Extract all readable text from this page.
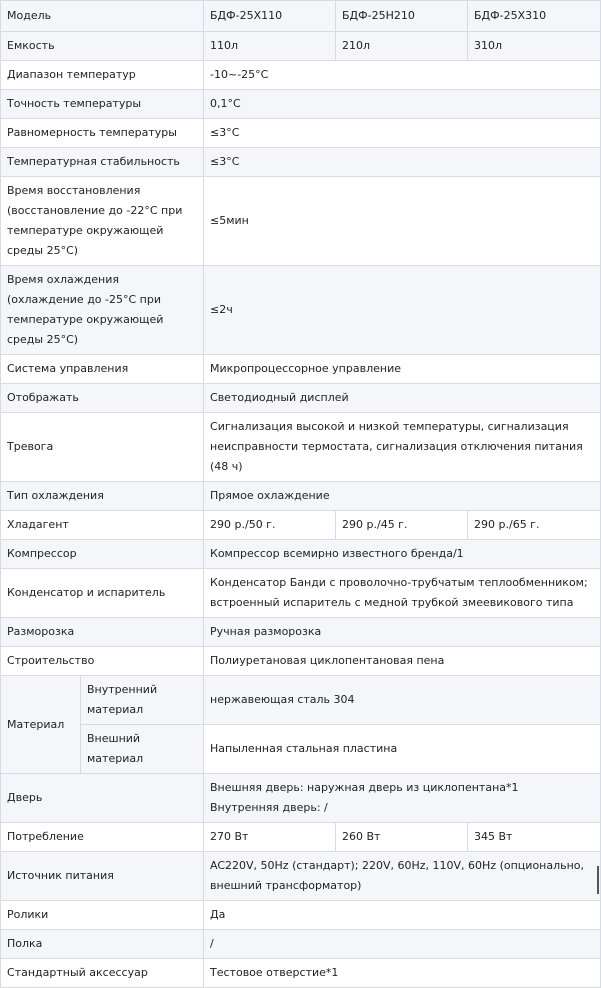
Модель		БДФ-25X110	БДФ-25H210	БДФ-25X310
Емкость		110л	210л	310л
Диапазон температур		-10~-25°C		
Точность температуры		0,1°C		
Равномерность температуры		≤3°C		
Температурная стабильность		≤3°C		
Время восстановления (восстановление до -22°C при температуре окружающей среды 25°C)		≤5мин		
Время охлаждения (охлаждение до -25°C при температуре окружающей среды 25°C)		≤2ч		
Система управления		Микропроцессорное управление		
Отображать		Светодиодный дисплей		
Тревога		Сигнализация высокой и низкой температуры, сигнализация неисправности термостата, сигнализация отключения питания (48 ч)		
Тип охлаждения		Прямое охлаждение		
Хладагент		290 р./50 г.	290 р./45 г.	290 р./65 г.
Компрессор		Компрессор всемирно известного бренда/1		
Конденсатор и испаритель		Конденсатор Банди с проволочно-трубчатым теплообменником; встроенный испаритель с медной трубкой змеевикового типа		
Разморозка		Ручная разморозка		
Строительство		Полиуретановая циклопентановая пена		
Материал	Внутренний материал	нержавеющая сталь 304		
	Внешний материал	Напыленная стальная пластина		
Дверь		Внешняя дверь: наружная дверь из циклопентана*1
Внутренняя дверь: /		

Потребление		270 Вт	260 Вт	345 Вт
Источник питания		AC220V, 50Hz (стандарт); 220V, 60Hz, 110V, 60Hz (опционально, внешний трансформатор)		
Ролики		Да		
Полка		/		
Стандартный аксессуар		Тестовое отверстие*1		
